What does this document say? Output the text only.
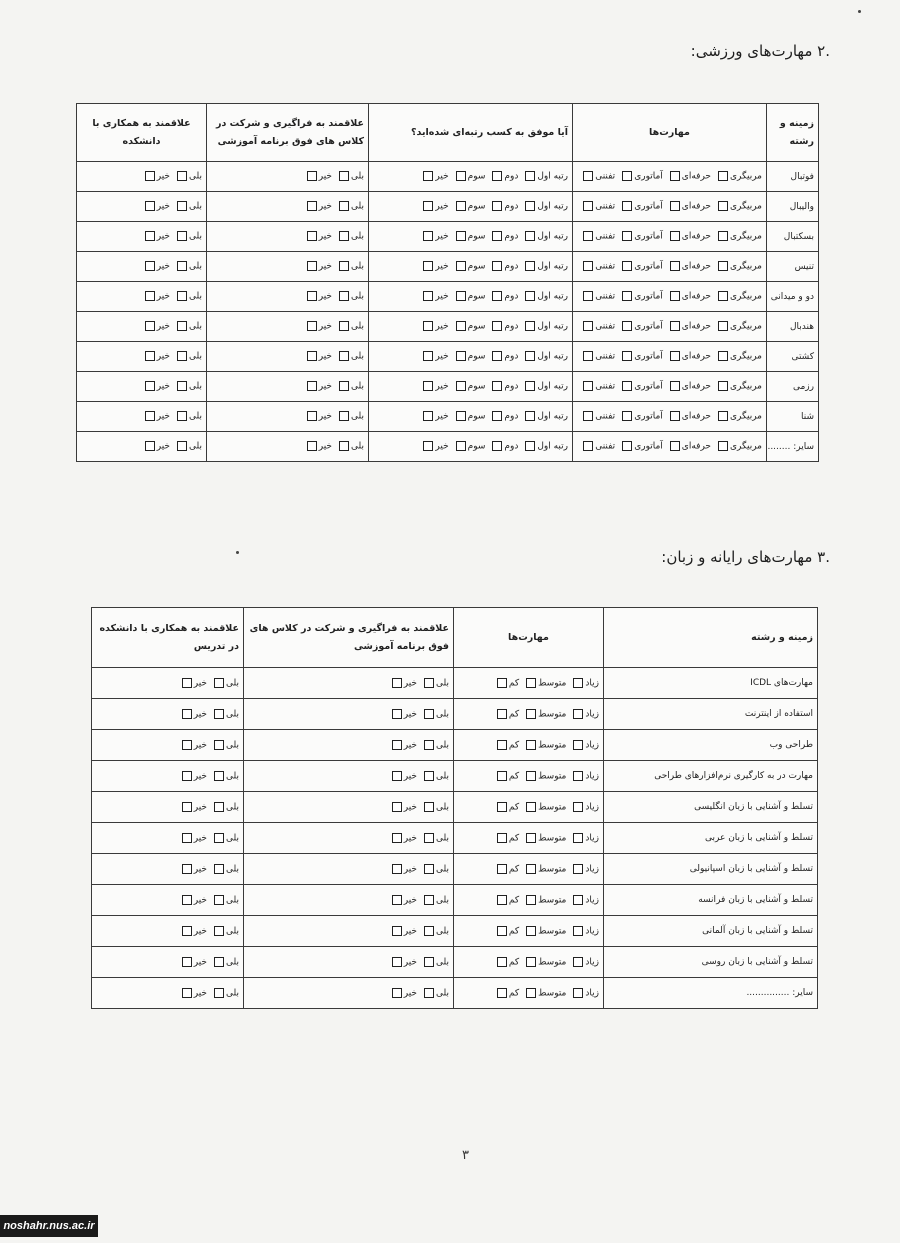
.۲ مهارت‌های ورزشی:
زمینه و رشته	مهارت‌ها	آیا موفق به کسب رتبه‌ای شده‌اید؟	علاقمند به فراگیری و شرکت در کلاس های فوق برنامه آموزشی	علاقمند به همکاری با دانشکده
فوتبال	مربیگریحرفه‌ایآماتوریتفننی	رتبه اولدومسومخیر	بلیخیر	بلیخیر
والیبال	مربیگریحرفه‌ایآماتوریتفننی	رتبه اولدومسومخیر	بلیخیر	بلیخیر
بسکتبال	مربیگریحرفه‌ایآماتوریتفننی	رتبه اولدومسومخیر	بلیخیر	بلیخیر
تنیس	مربیگریحرفه‌ایآماتوریتفننی	رتبه اولدومسومخیر	بلیخیر	بلیخیر
دو و میدانی	مربیگریحرفه‌ایآماتوریتفننی	رتبه اولدومسومخیر	بلیخیر	بلیخیر
هندبال	مربیگریحرفه‌ایآماتوریتفننی	رتبه اولدومسومخیر	بلیخیر	بلیخیر
کشتی	مربیگریحرفه‌ایآماتوریتفننی	رتبه اولدومسومخیر	بلیخیر	بلیخیر
رزمی	مربیگریحرفه‌ایآماتوریتفننی	رتبه اولدومسومخیر	بلیخیر	بلیخیر
شنا	مربیگریحرفه‌ایآماتوریتفننی	رتبه اولدومسومخیر	بلیخیر	بلیخیر
سایر: ........	مربیگریحرفه‌ایآماتوریتفننی	رتبه اولدومسومخیر	بلیخیر	بلیخیر
.۳ مهارت‌های رایانه و زبان:
زمینه و رشته	مهارت‌ها	علاقمند به فراگیری و شرکت در کلاس های فوق برنامه آموزشی	علاقمند به همکاری با دانشکده در تدریس
مهارت‌های ICDL	زیادمتوسطکم	بلیخیر	بلیخیر
استفاده از اینترنت	زیادمتوسطکم	بلیخیر	بلیخیر
طراحی وب	زیادمتوسطکم	بلیخیر	بلیخیر
مهارت در به کارگیری نرم‌افزارهای طراحی	زیادمتوسطکم	بلیخیر	بلیخیر
تسلط و آشنایی با زبان انگلیسی	زیادمتوسطکم	بلیخیر	بلیخیر
تسلط و آشنایی با زبان عربی	زیادمتوسطکم	بلیخیر	بلیخیر
تسلط و آشنایی با زبان اسپانیولی	زیادمتوسطکم	بلیخیر	بلیخیر
تسلط و آشنایی با زبان فرانسه	زیادمتوسطکم	بلیخیر	بلیخیر
تسلط و آشنایی با زبان آلمانی	زیادمتوسطکم	بلیخیر	بلیخیر
تسلط و آشنایی با زبان روسی	زیادمتوسطکم	بلیخیر	بلیخیر
سایر: ...............	زیادمتوسطکم	بلیخیر	بلیخیر
۳
noshahr.nus.ac.ir
